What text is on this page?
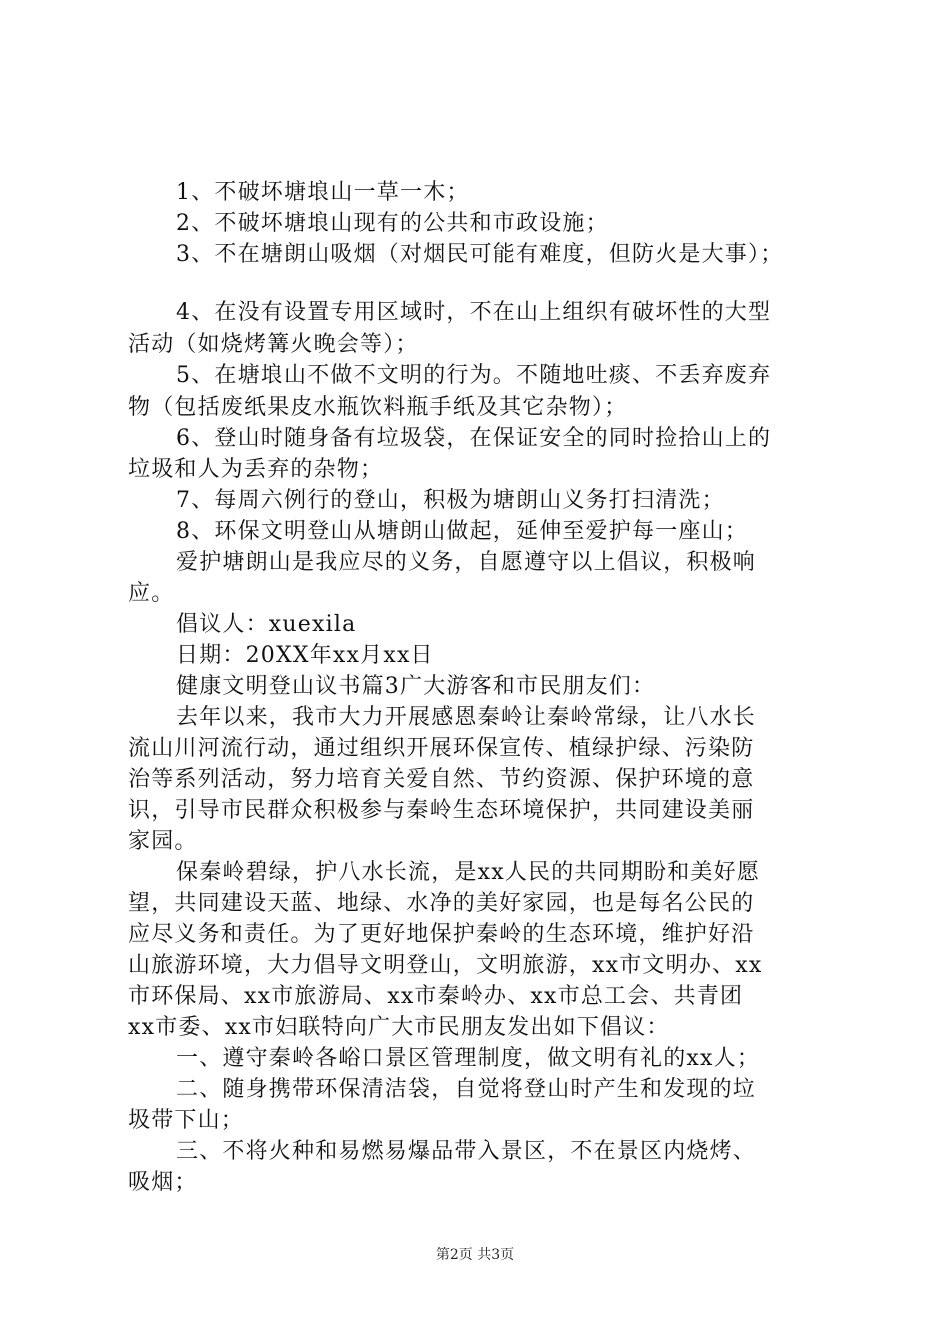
1、不破坏塘埌山一草一木；
2、不破坏塘埌山现有的公共和市政设施；
3、不在塘朗山吸烟（对烟民可能有难度，但防火是大事）；
4、在没有设置专用区域时，不在山上组织有破坏性的大型
活动（如烧烤篝火晚会等）；
5、在塘埌山不做不文明的行为。不随地吐痰、不丢弃废弃
物（包括废纸果皮水瓶饮料瓶手纸及其它杂物）；
6、登山时随身备有垃圾袋，在保证安全的同时捡拾山上的
垃圾和人为丢弃的杂物；
7、每周六例行的登山，积极为塘朗山义务打扫清洗；
8、环保文明登山从塘朗山做起，延伸至爱护每一座山；
爱护塘朗山是我应尽的义务，自愿遵守以上倡议，积极响
应。
倡议人：xuexila
日期：20XX年xx月xx日
健康文明登山议书篇3广大游客和市民朋友们：
去年以来，我市大力开展感恩秦岭让秦岭常绿，让八水长
流山川河流行动，通过组织开展环保宣传、植绿护绿、污染防
治等系列活动，努力培育关爱自然、节约资源、保护环境的意
识，引导市民群众积极参与秦岭生态环境保护，共同建设美丽
家园。
保秦岭碧绿，护八水长流，是xx人民的共同期盼和美好愿
望，共同建设天蓝、地绿、水净的美好家园，也是每名公民的
应尽义务和责任。为了更好地保护秦岭的生态环境，维护好沿
山旅游环境，大力倡导文明登山，文明旅游，xx市文明办、xx
市环保局、xx市旅游局、xx市秦岭办、xx市总工会、共青团
xx市委、xx市妇联特向广大市民朋友发出如下倡议：
一、遵守秦岭各峪口景区管理制度，做文明有礼的xx人；
二、随身携带环保清洁袋，自觉将登山时产生和发现的垃
圾带下山；
三、不将火种和易燃易爆品带入景区，不在景区内烧烤、
吸烟；
第2页 共3页
